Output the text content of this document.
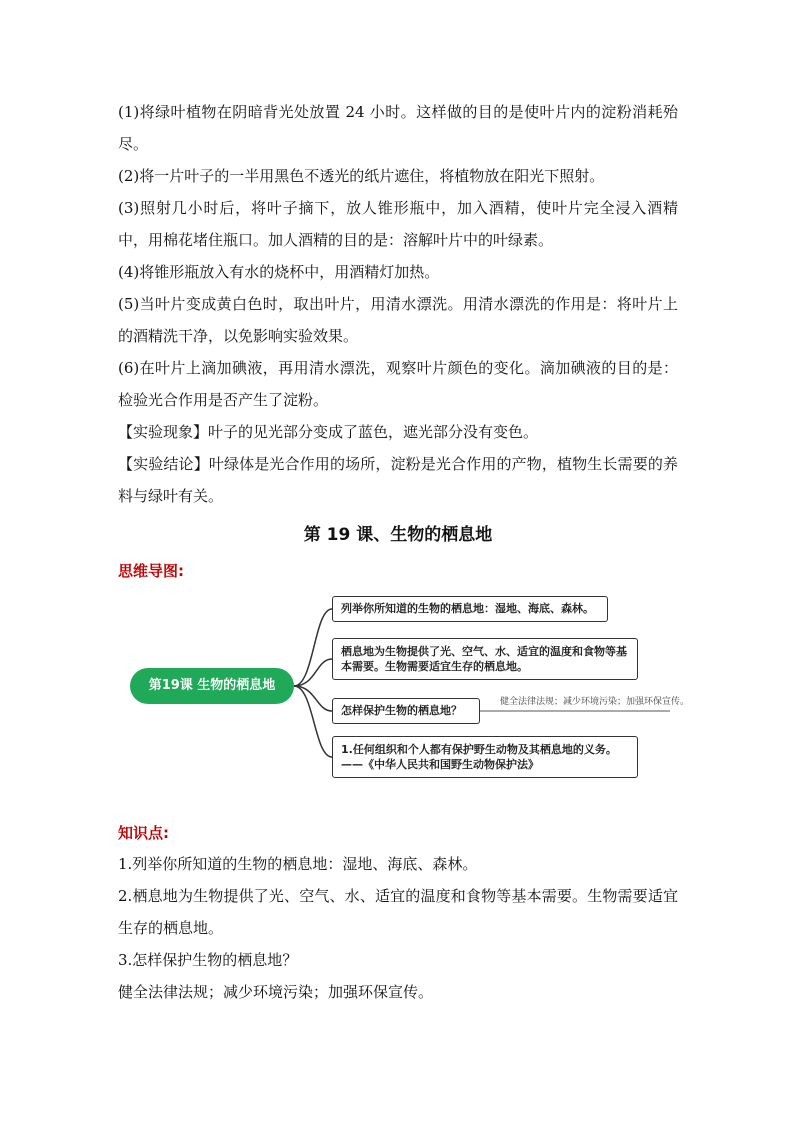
(1)将绿叶植物在阴暗背光处放置 24 小时。这样做的目的是使叶片内的淀粉消耗殆尽。

(2)将一片叶子的一半用黑色不透光的纸片遮住，将植物放在阳光下照射。

(3)照射几小时后，将叶子摘下，放人锥形瓶中，加入酒精，使叶片完全浸入酒精中，用棉花堵住瓶口。加人酒精的目的是：溶解叶片中的叶绿素。

(4)将锥形瓶放入有水的烧杯中，用酒精灯加热。

(5)当叶片变成黄白色时，取出叶片，用清水漂洗。用清水漂洗的作用是：将叶片上的酒精洗干净，以免影响实验效果。

(6)在叶片上滴加碘液，再用清水漂洗，观察叶片颜色的变化。滴加碘液的目的是：检验光合作用是否产生了淀粉。

【实验现象】叶子的见光部分变成了蓝色，遮光部分没有变色。

【实验结论】叶绿体是光合作用的场所，淀粉是光合作用的产物，植物生长需要的养料与绿叶有关。

第 19 课、生物的栖息地
思维导图:
第19课 生物的栖息地
列举你所知道的生物的栖息地：湿地、海底、森林。
栖息地为生物提供了光、空气、水、适宜的温度和食物等基
本需要。生物需要适宜生存的栖息地。
怎样保护生物的栖息地？
健全法律法规；减少环境污染；加强环保宣传。
1.任何组织和个人都有保护野生动物及其栖息地的义务。
——《中华人民共和国野生动物保护法》
知识点:

1.列举你所知道的生物的栖息地：湿地、海底、森林。

2.栖息地为生物提供了光、空气、水、适宜的温度和食物等基本需要。生物需要适宜生存的栖息地。

3.怎样保护生物的栖息地？

健全法律法规；减少环境污染；加强环保宣传。
